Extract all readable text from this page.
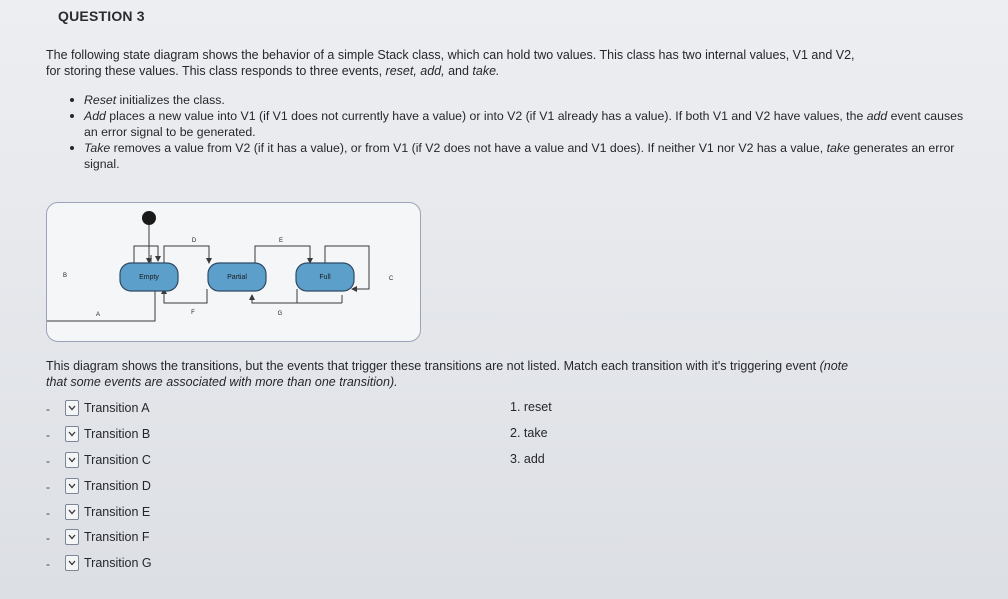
QUESTION 3
The following state diagram shows the behavior of a simple Stack class, which can hold two values. This class has two internal values, V1 and V2,
for storing these values. This class responds to three events, reset, add, and take.
Reset initializes the class.
Add places a new value into V1 (if V1 does not currently have a value) or into V2 (if V1 already has a value). If both V1 and V2 have values, the add event causes an error signal to be generated.
Take removes a value from V2 (if it has a value), or from V1 (if V2 does not have a value and V1 does). If neither V1 nor V2 has a value, take generates an error signal.
Empty	Partial	Full
A
B	C
D	E
F	G
This diagram shows the transitions, but the events that trigger these transitions are not listed. Match each transition with it's triggering event (note
that some events are associated with more than one transition).
-	Transition A
-	Transition B
-	Transition C
-	Transition D
-	Transition E
-	Transition F
-	Transition G
1. reset
2. take
3. add
